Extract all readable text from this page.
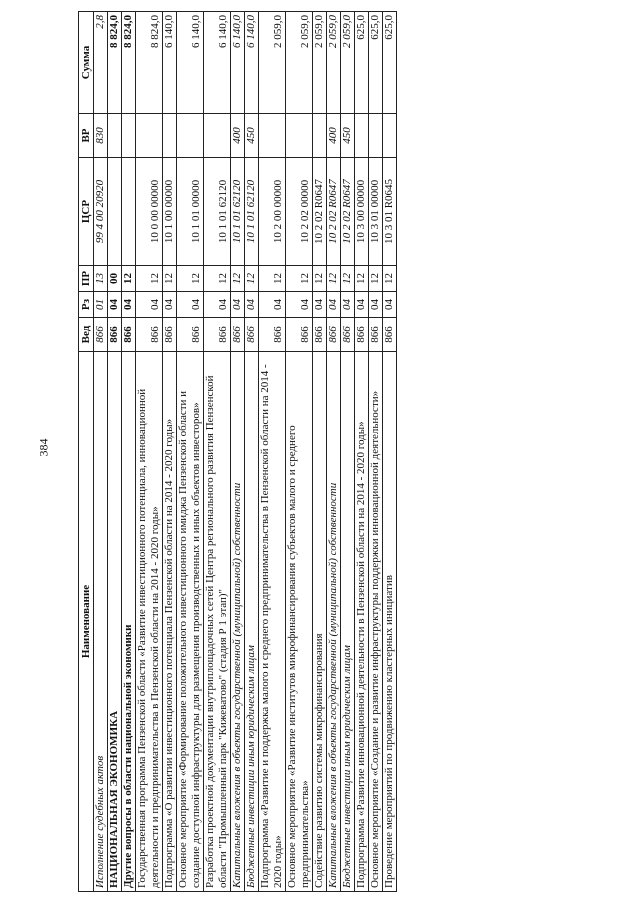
384
Наименование	Вед	Рз	ПР	ЦСР	ВР	Сумма
Исполнение судебных актов	866	01	13	99 4 00 20920	830	2,8
НАЦИОНАЛЬНАЯ ЭКОНОМИКА	866	04	00			8 824,0
Другие вопросы в области национальной экономики	866	04	12			8 824,0
Государственная программа Пензенской области «Развитие инвестиционного потенциала, инновационной деятельности и предпринимательства в Пензенской области на 2014 - 2020 годы»	866	04	12	10 0 00 00000		8 824,0
Подпрограмма «О развитии инвестиционного потенциала Пензенской области на 2014 - 2020 годы»	866	04	12	10 1 00 00000		6 140,0
Основное мероприятие «Формирование положительного инвестиционного имиджа Пензенской области и создание доступной инфраструктуры для размещения производственных и иных объектов инвесторов»	866	04	12	10 1 01 00000		6 140,0
Разработка проектной документации внутриплощадочных сетей Центра регионального развития Пензенской области "Промышленный парк "Кижеватово" (стадия Р 1 этап)"	866	04	12	10 1 01 62120		6 140,0
Капитальные вложения в объекты государственной (муниципальной) собственности	866	04	12	10 1 01 62120	400	6 140,0
Бюджетные инвестиции иным юридическим лицам	866	04	12	10 1 01 62120	450	6 140,0
Подпрограмма «Развитие и поддержка малого и среднего предпринимательства в Пензенской области на 2014 - 2020 годы»	866	04	12	10 2 00 00000		2 059,0
Основное мероприятие «Развитие институтов микрофинансирования субъектов малого и среднего предпринимательства»	866	04	12	10 2 02 00000		2 059,0
Содействие развитию системы микрофинансирования	866	04	12	10 2 02 R0647		2 059,0
Капитальные вложения в объекты государственной (муниципальной) собственности	866	04	12	10 2 02 R0647	400	2 059,0
Бюджетные инвестиции иным юридическим лицам	866	04	12	10 2 02 R0647	450	2 059,0
Подпрограмма «Развитие инновационной деятельности в Пензенской области на 2014 - 2020 годы»	866	04	12	10 3 00 00000		625,0
Основное мероприятие «Создание и развитие инфраструктуры поддержки инновационной деятельности»	866	04	12	10 3 01 00000		625,0
Проведение мероприятий по продвижению кластерных инициатив	866	04	12	10 3 01 R0645		625,0
